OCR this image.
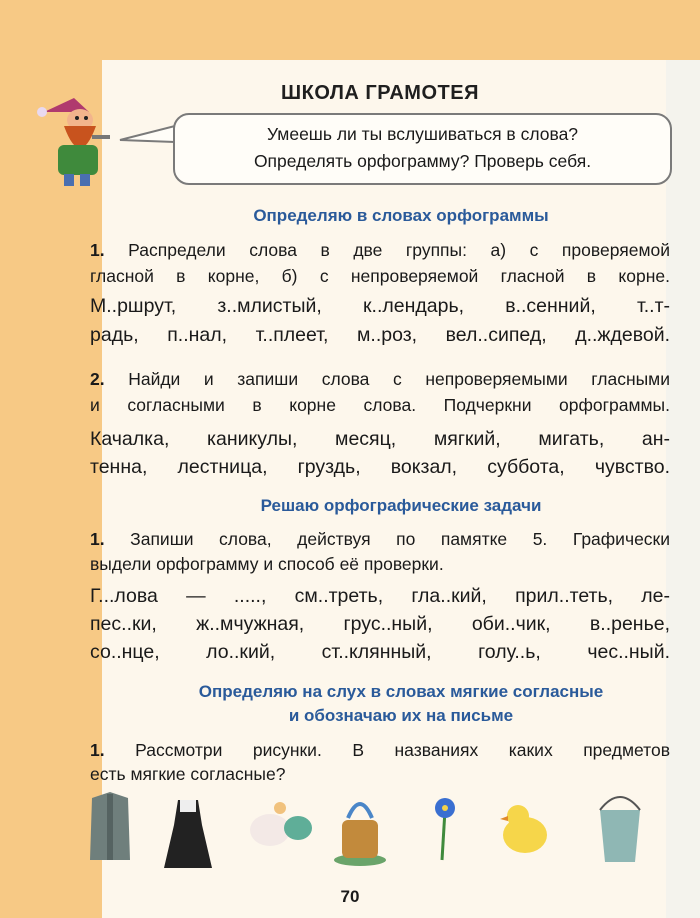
ШКОЛА ГРАМОТЕЯ
Умеешь ли ты вслушиваться в слова?
Определять орфограмму? Проверь себя.
Определяю в словах орфограммы
1. Распредели слова в две группы: а) с проверяемой
гласной в корне, б) с непроверяемой гласной в корне.
М..ршрут, з..млистый, к..лендарь, в..сенний, т..т-
радь, п..нал, т..плеет, м..роз, вел..сипед, д..ждевой.
2. Найди и запиши слова с непроверяемыми гласными
и согласными в корне слова. Подчеркни орфограммы.
Качалка, каникулы, месяц, мягкий, мигать, ан-
тенна, лестница, груздь, вокзал, суббота, чувство.
Решаю орфографические задачи
1. Запиши слова, действуя по памятке 5. Графически
выдели орфограмму и способ её проверки.
Г...лова — ....., см..треть, гла..кий, прил..теть, ле-
пес..ки, ж..мчужная, грус..ный, оби..чик, в..ренье,
со..нце, ло..кий, ст..клянный, голу..ь, чес..ный.
Определяю на слух в словах мягкие согласные
и обозначаю их на письме
1. Рассмотри рисунки. В названиях каких предметов
есть мягкие согласные?
70
